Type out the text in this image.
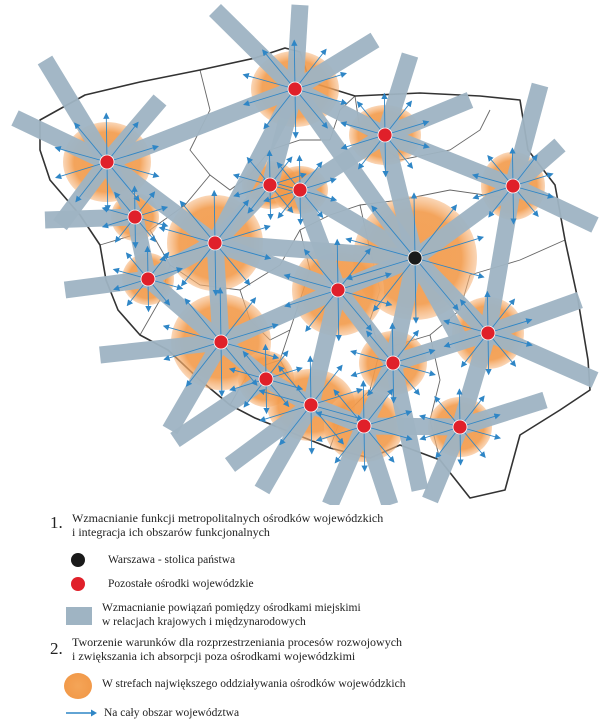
1. Wzmacnianie funkcji metropolitalnych ośrodków wojewódzkich
i integracja ich obszarów funkcjonalnych
Warszawa - stolica państwa
Pozostałe ośrodki wojewódzkie
Wzmacnianie powiązań pomiędzy ośrodkami miejskimi
w relacjach krajowych i międzynarodowych
2. Tworzenie warunków dla rozprzestrzeniania procesów rozwojowych
i zwiększania ich absorpcji poza ośrodkami wojewódzkimi
W strefach największego oddziaływania ośrodków wojewódzkich
Na cały obszar województwa
